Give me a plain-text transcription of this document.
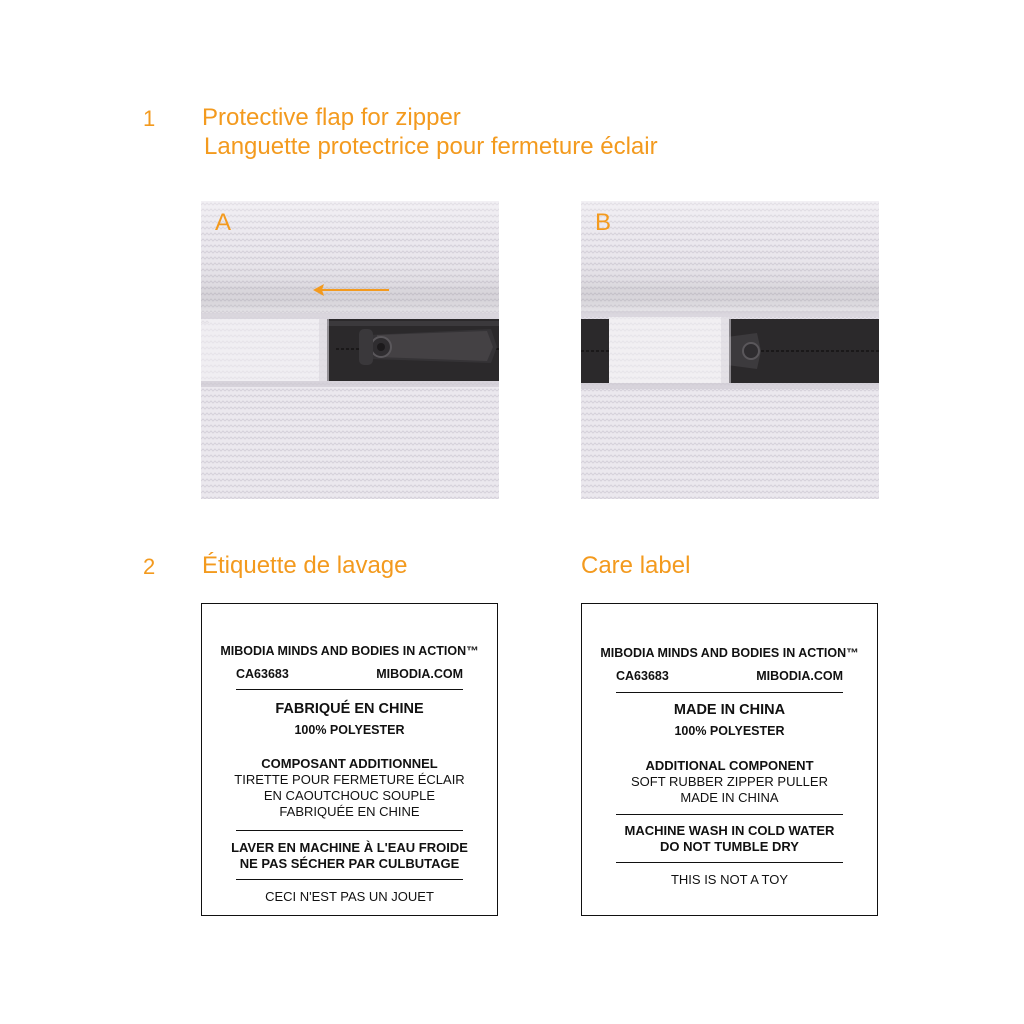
1 Protective flap for zipper
Languette protectrice pour fermeture éclair
A	B
2 Étiquette de lavage	Care label
MIBODIA MINDS AND BODIES IN ACTION™
CA63683	MIBODIA.COM
FABRIQUÉ EN CHINE
100% POLYESTER
COMPOSANT ADDITIONNEL
TIRETTE POUR FERMETURE ÉCLAIR
EN CAOUTCHOUC SOUPLE
FABRIQUÉE EN CHINE
LAVER EN MACHINE À L'EAU FROIDE
NE PAS SÉCHER PAR CULBUTAGE
CECI N'EST PAS UN JOUET
MIBODIA MINDS AND BODIES IN ACTION™
CA63683	MIBODIA.COM
MADE IN CHINA
100% POLYESTER
ADDITIONAL COMPONENT
SOFT RUBBER ZIPPER PULLER
MADE IN CHINA
MACHINE WASH IN COLD WATER
DO NOT TUMBLE DRY
THIS IS NOT A TOY
